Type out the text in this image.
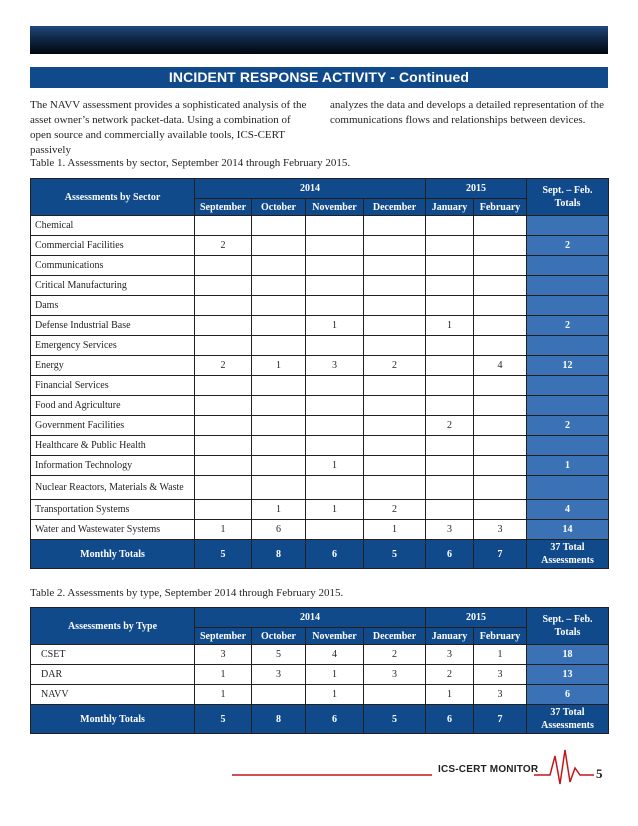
INCIDENT RESPONSE ACTIVITY - Continued
The NAVV assessment provides a sophisticated analysis of the asset owner’s network packet-data. Using a combination of open source and commercially available tools, ICS-CERT passively
analyzes the data and develops a detailed representation of the communications flows and relationships between devices.
Table 1. Assessments by sector, September 2014 through February 2015.
Assessments by Sector	2014				2015		Sept. – Feb. Totals
	September	October	November	December	January	February	
Chemical							
Commercial Facilities	2						2
Communications							
Critical Manufacturing							
Dams							
Defense Industrial Base			1		1		2
Emergency Services							
Energy	2	1	3	2		4	12
Financial Services							
Food and Agriculture							
Government Facilities					2		2
Healthcare & Public Health							
Information Technology			1				1
Nuclear Reactors, Materials & Waste							
Transportation Systems		1	1	2			4
Water and Wastewater Systems	1	6		1	3	3	14
Monthly Totals	5	8	6	5	6	7	37 Total Assessments
Table 2. Assessments by type, September 2014 through February 2015.
Assessments by Type	2014				2015		Sept. – Feb. Totals
	September	October	November	December	January	February	
CSET	3	5	4	2	3	1	18
DAR	1	3	1	3	2	3	13
NAVV	1		1		1	3	6
Monthly Totals	5	8	6	5	6	7	37 Total Assessments
ICS-CERT MONITOR	5
